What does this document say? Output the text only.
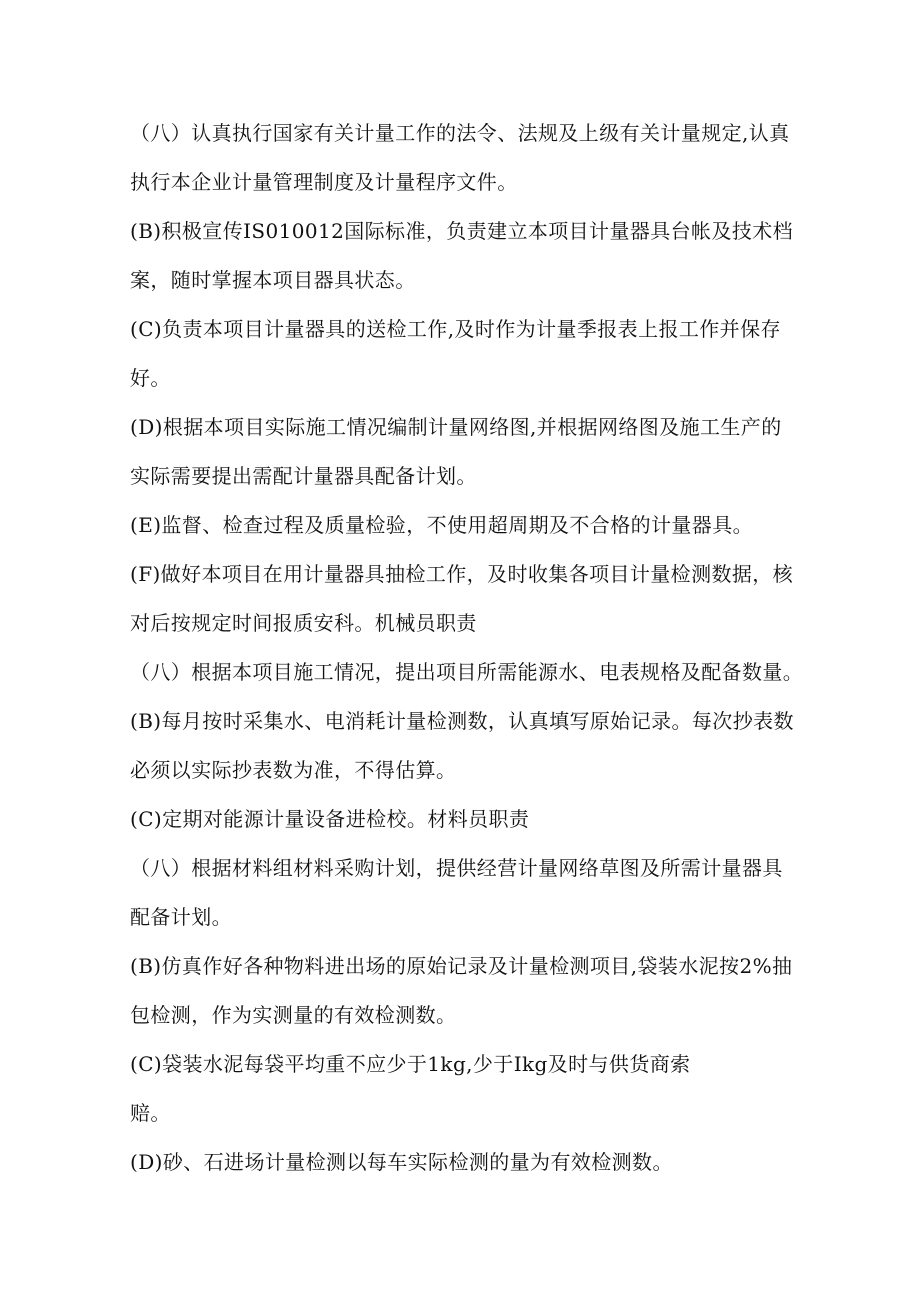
（八）认真执行国家有关计量工作的法令、法规及上级有关计量规定,认真
执行本企业计量管理制度及计量程序文件。

(B)积极宣传IS010012国际标准，负责建立本项目计量器具台帐及技术档
案，随时掌握本项目器具状态。

(C)负责本项目计量器具的送检工作,及时作为计量季报表上报工作并保存
好。

(D)根据本项目实际施工情况编制计量网络图,并根据网络图及施工生产的
实际需要提出需配计量器具配备计划。

(E)监督、检查过程及质量检验，不使用超周期及不合格的计量器具。

(F)做好本项目在用计量器具抽检工作，及时收集各项目计量检测数据，核
对后按规定时间报质安科。机械员职责

（八）根据本项目施工情况，提出项目所需能源水、电表规格及配备数量。

(B)每月按时采集水、电消耗计量检测数，认真填写原始记录。每次抄表数
必须以实际抄表数为准，不得估算。

(C)定期对能源计量设备进检校。材料员职责

（八）根据材料组材料采购计划，提供经营计量网络草图及所需计量器具
配备计划。

(B)仿真作好各种物料进出场的原始记录及计量检测项目,袋装水泥按2%抽
包检测，作为实测量的有效检测数。

(C)袋装水泥每袋平均重不应少于1kg,少于Ikg及时与供货商索
赔。

(D)砂、石进场计量检测以每车实际检测的量为有效检测数。
